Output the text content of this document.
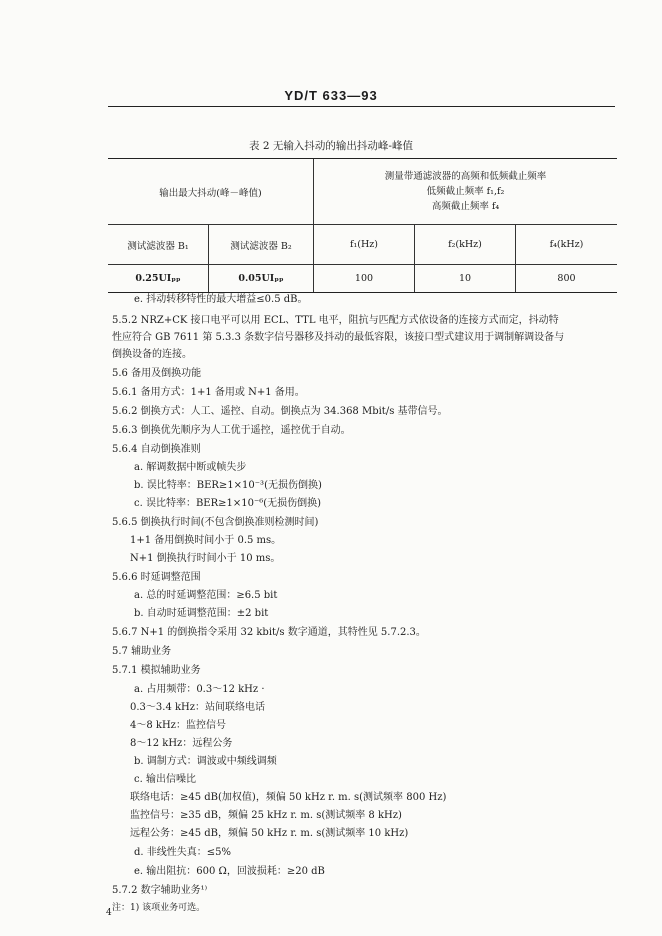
YD/T 633—93
表 2 无输入抖动的输出抖动峰-峰值
输出最大抖动(峰－峰值)		测量带通滤波器的高频和低频截止频率
低频截止频率 f₁,f₂
高频截止频率 f₄		

测试滤波器 B₁	测试滤波器 B₂	f₁(Hz)	f₂(kHz)	f₄(kHz)
0.25UIₚₚ	0.05UIₚₚ	100	10	800
e. 抖动转移特性的最大增益≤0.5 dB。
5.5.2 NRZ+CK 接口电平可以用 ECL、TTL 电平，阻抗与匹配方式依设备的连接方式而定，抖动特
性应符合 GB 7611 第 5.3.3 条数字信号器移及抖动的最低容限，该接口型式建议用于调制解调设备与
倒换设备的连接。
5.6 备用及倒换功能
5.6.1 备用方式：1+1 备用或 N+1 备用。
5.6.2 倒换方式：人工、遥控、自动。倒换点为 34.368 Mbit/s 基带信号。
5.6.3 倒换优先顺序为人工优于遥控，遥控优于自动。
5.6.4 自动倒换准则
a. 解调数据中断或帧失步
b. 误比特率：BER≥1×10⁻³(无损伤倒换)
c. 误比特率：BER≥1×10⁻⁶(无损伤倒换)
5.6.5 倒换执行时间(不包含倒换准则检测时间)
1+1 备用倒换时间小于 0.5 ms。
N+1 倒换执行时间小于 10 ms。
5.6.6 时延调整范围
a. 总的时延调整范围：≥6.5 bit
b. 自动时延调整范围：±2 bit
5.6.7 N+1 的倒换指令采用 32 kbit/s 数字通道，其特性见 5.7.2.3。
5.7 辅助业务
5.7.1 模拟辅助业务
a. 占用频带：0.3～12 kHz ·
0.3～3.4 kHz：站间联络电话
4～8 kHz：监控信号
8～12 kHz：远程公务
b. 调制方式：调波或中频线调频
c. 输出信噪比
联络电话：≥45 dB(加权值)，频偏 50 kHz r. m. s(测试频率 800 Hz)
监控信号：≥35 dB，频偏 25 kHz r. m. s(测试频率 8 kHz)
远程公务：≥45 dB，频偏 50 kHz r. m. s(测试频率 10 kHz)
d. 非线性失真：≤5%
e. 输出阻抗：600 Ω，回波损耗：≥20 dB
5.7.2 数字辅助业务¹⁾
注：1) 该项业务可选。
4
